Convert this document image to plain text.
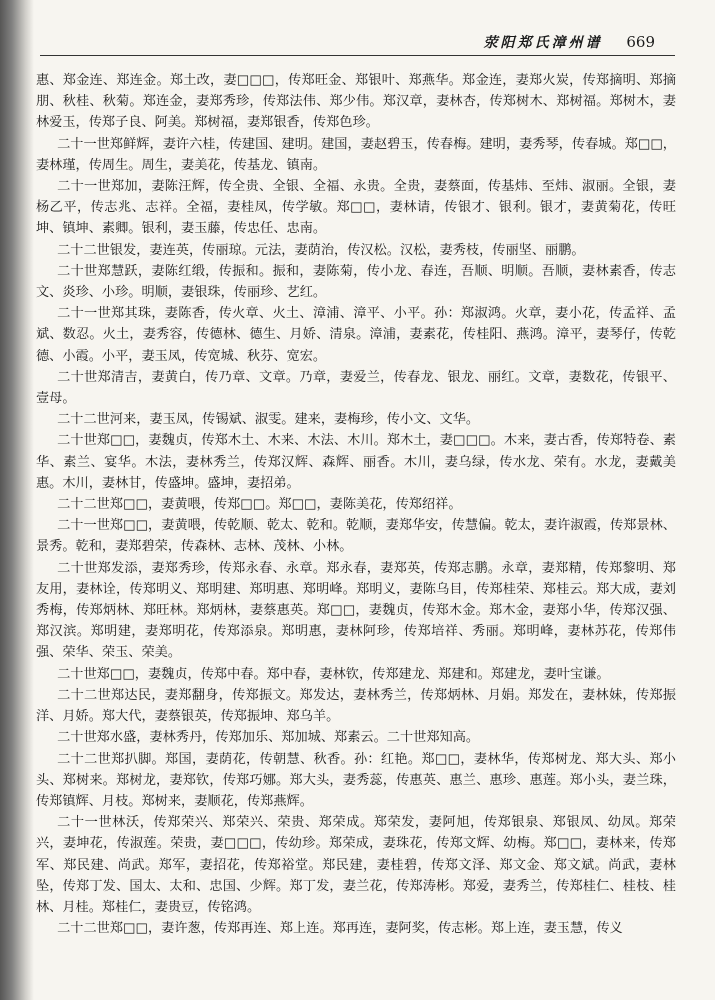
荥阳郑氏漳州谱 669

惠、郑金连、郑连金。郑土改，妻□□□，传郑旺金、郑银叶、郑燕华。郑金连，妻郑火炭，传郑摘明、郑摘朋、秋桂、秋菊。郑连金，妻郑秀珍，传郑法伟、郑少伟。郑汉章，妻林杏，传郑树木、郑树福。郑树木，妻林爱玉，传郑子良、阿美。郑树福，妻郑银香，传郑色珍。

二十一世郑鲜辉，妻许六桂，传建国、建明。建国，妻赵碧玉，传春梅。建明，妻秀琴，传春城。郑□□，妻林瑾，传周生。周生，妻美花，传基龙、镇南。

二十一世郑加，妻陈汪辉，传全贵、全银、全福、永贵。全贵，妻蔡面，传基炜、至炜、淑丽。全银，妻杨乙平，传志兆、志祥。全福，妻桂凤，传学敏。郑□□，妻林请，传银才、银利。银才，妻黄菊花，传旺坤、镇坤、素卿。银利，妻玉藤，传忠任、忠南。

二十二世银发，妻连英，传丽琼。元法，妻荫治，传汉松。汉松，妻秀枝，传丽坚、丽鹏。

二十世郑慧跃，妻陈红缎，传振和。振和，妻陈菊，传小龙、春连，吾顺、明顺。吾顺，妻林素香，传志文、炎珍、小珍。明顺，妻银珠，传丽珍、艺红。

二十一世郑其珠，妻陈香，传火章、火土、漳浦、漳平、小平。孙：郑淑鸿。火章，妻小花，传孟祥、孟斌、数忍。火土，妻秀容，传德林、德生、月娇、清泉。漳浦，妻素花，传桂阳、燕鸿。漳平，妻琴仔，传乾德、小霞。小平，妻玉凤，传宽城、秋芬、宽宏。

二十世郑清吉，妻黄白，传乃章、文章。乃章，妻爱兰，传春龙、银龙、丽红。文章，妻数花，传银平、壹母。

二十二世河来，妻玉凤，传锡斌、淑雯。建来，妻梅珍，传小文、文华。

二十世郑□□，妻魏贞，传郑木土、木来、木法、木川。郑木土，妻□□□。木来，妻古香，传郑特卷、素华、素兰、宴华。木法，妻林秀兰，传郑汉辉、森辉、丽香。木川，妻乌绿，传水龙、荣有。水龙，妻戴美惠。木川，妻林甘，传盛坤。盛坤，妻招弟。

二十二世郑□□，妻黄喂，传郑□□。郑□□，妻陈美花，传郑绍祥。

二十一世郑□□，妻黄喂，传乾顺、乾太、乾和。乾顺，妻郑华安，传慧偏。乾太，妻许淑霞，传郑景林、景秀。乾和，妻郑碧荣，传森林、志林、茂林、小林。

二十世郑发添，妻郑秀珍，传郑永春、永章。郑永春，妻郑英，传郑志鹏。永章，妻郑精，传郑黎明、郑友用，妻林诠，传郑明义、郑明建、郑明惠、郑明峰。郑明义，妻陈乌目，传郑桂荣、郑桂云。郑大成，妻刘秀梅，传郑炳林、郑旺林。郑炳林，妻蔡惠英。郑□□，妻魏贞，传郑木金。郑木金，妻郑小华，传郑汉强、郑汉滨。郑明建，妻郑明花，传郑添泉。郑明惠，妻林阿珍，传郑培祥、秀丽。郑明峰，妻林苏花，传郑伟强、荣华、荣玉、荣美。

二十世郑□□，妻魏贞，传郑中春。郑中春，妻林钦，传郑建龙、郑建和。郑建龙，妻叶宝谦。

二十二世郑达民，妻郑翻身，传郑振文。郑发达，妻林秀兰，传郑炳林、月娟。郑发在，妻林妹，传郑振洋、月娇。郑大代，妻蔡银英，传郑振坤、郑乌羊。

二十世郑水盛，妻林秀丹，传郑加乐、郑加城、郑素云。二十世郑知高。

二十二世郑扒脚。郑国，妻荫花，传朝慧、秋香。孙：红艳。郑□□，妻林华，传郑树龙、郑大头、郑小头、郑树来。郑树龙，妻郑钦，传郑巧娜。郑大头，妻秀蕊，传惠英、惠兰、惠珍、惠莲。郑小头，妻兰珠，传郑镇辉、月枝。郑树来，妻顺花，传郑燕辉。

二十一世林沃，传郑荣兴、郑荣兴、荣贵、郑荣成。郑荣发，妻阿旭，传郑银泉、郑银凤、幼凤。郑荣兴，妻坤花，传淑莲。荣贵，妻□□□，传幼珍。郑荣成，妻珠花，传郑文辉、幼梅。郑□□，妻林来，传郑军、郑民建、尚武。郑军，妻招花，传郑裕堂。郑民建，妻桂碧，传郑文泽、郑文金、郑文斌。尚武，妻林坠，传郑丁发、国太、太和、忠国、少辉。郑丁发，妻兰花，传郑涛彬。郑爱，妻秀兰，传郑桂仁、桂枝、桂林、月桂。郑桂仁，妻贵豆，传铭鸿。

二十二世郑□□，妻许葱，传郑再连、郑上连。郑再连，妻阿奖，传志彬。郑上连，妻玉慧，传义
